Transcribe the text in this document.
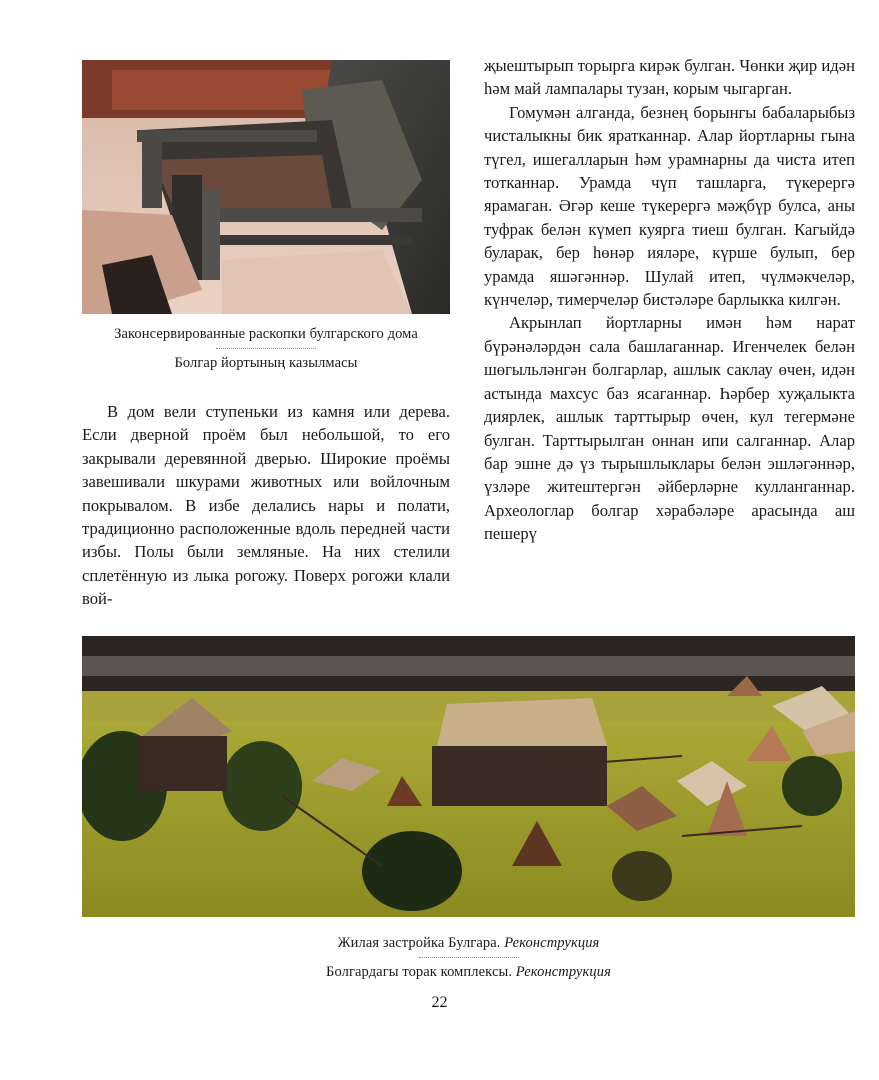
Законсервированные раскопки булгарского дома
Болгар йортының казылмасы

В дом вели ступеньки из камня или дерева. Если дверной проём был небольшой, то его закрывали деревянной дверью. Широкие проёмы завешивали шкурами животных или войлочным покрывалом. В избе делались нары и полати, традиционно расположенные вдоль передней части избы. Полы были земляные. На них стелили сплетённую из лыка рогожу. Поверх рогожи клали вой-

җыештырып торырга кирәк булган. Чөнки җир идән һәм май лампалары тузан, корым чыгарган.

Гомумән алганда, безнең борынгы бабаларыбыз чисталыкны бик яратканнар. Алар йортларны гына түгел, ишегалларын һәм урамнарны да чиста итеп тотканнар. Урамда чүп ташларга, түкерергә ярамаган. Әгәр кеше түкерергә мәҗбүр булса, аны туфрак белән күмеп куярга тиеш булган. Кагыйдә буларак, бер һөнәр ияләре, күрше булып, бер урамда яшәгәннәр. Шулай итеп, чүлмәкчеләр, күнчеләр, тимерчеләр бистәләре барлыкка килгән.

Акрынлап йортларны имән һәм нарат бүрәнәләрдән сала башлаганнар. Игенчелек белән шөгыльләнгән болгарлар, ашлык саклау өчен, идән астында махсус баз ясаганнар. Һәрбер хуҗалыкта диярлек, ашлык тарттырыр өчен, кул тегермәне булган. Тарттырылган оннан ипи салганнар. Алар бар эшне дә үз тырышлыклары белән эшләгәннәр, үзләре житештергән әйберләрне кулланганнар. Археологлар болгар хәрабәләре арасында аш пешерү

Жилая застройка Булгара. Реконструкция
Болгардагы торак комплексы. Реконструкция
22
